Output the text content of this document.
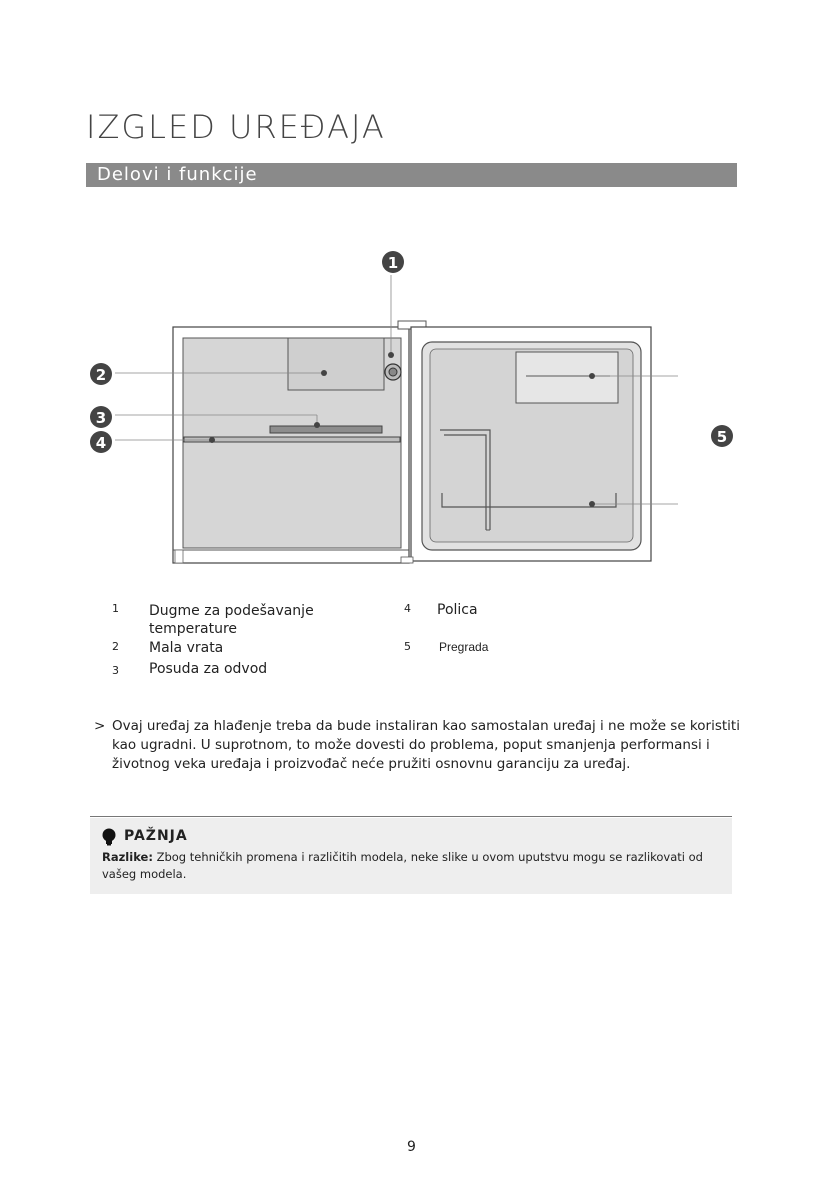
IZGLED UREĐAJA
Delovi i funkcije
1
2
3
4	5
1 Dugme za podešavanje
temperature
2 Mala vrata
3 Posuda za odvod
4 Polica
5 Pregrada
> Ovaj uređaj za hlađenje treba da bude instaliran kao samostalan uređaj i ne može se koristiti kao ugradni. U suprotnom, to može dovesti do problema, poput smanjenja performansi i životnog veka uređaja i proizvođač neće pružiti osnovnu garanciju za uređaj.

PAŽNJA
Razlike: Zbog tehničkih promena i različitih modela, neke slike u ovom uputstvu mogu se razlikovati od vašeg modela.
9
